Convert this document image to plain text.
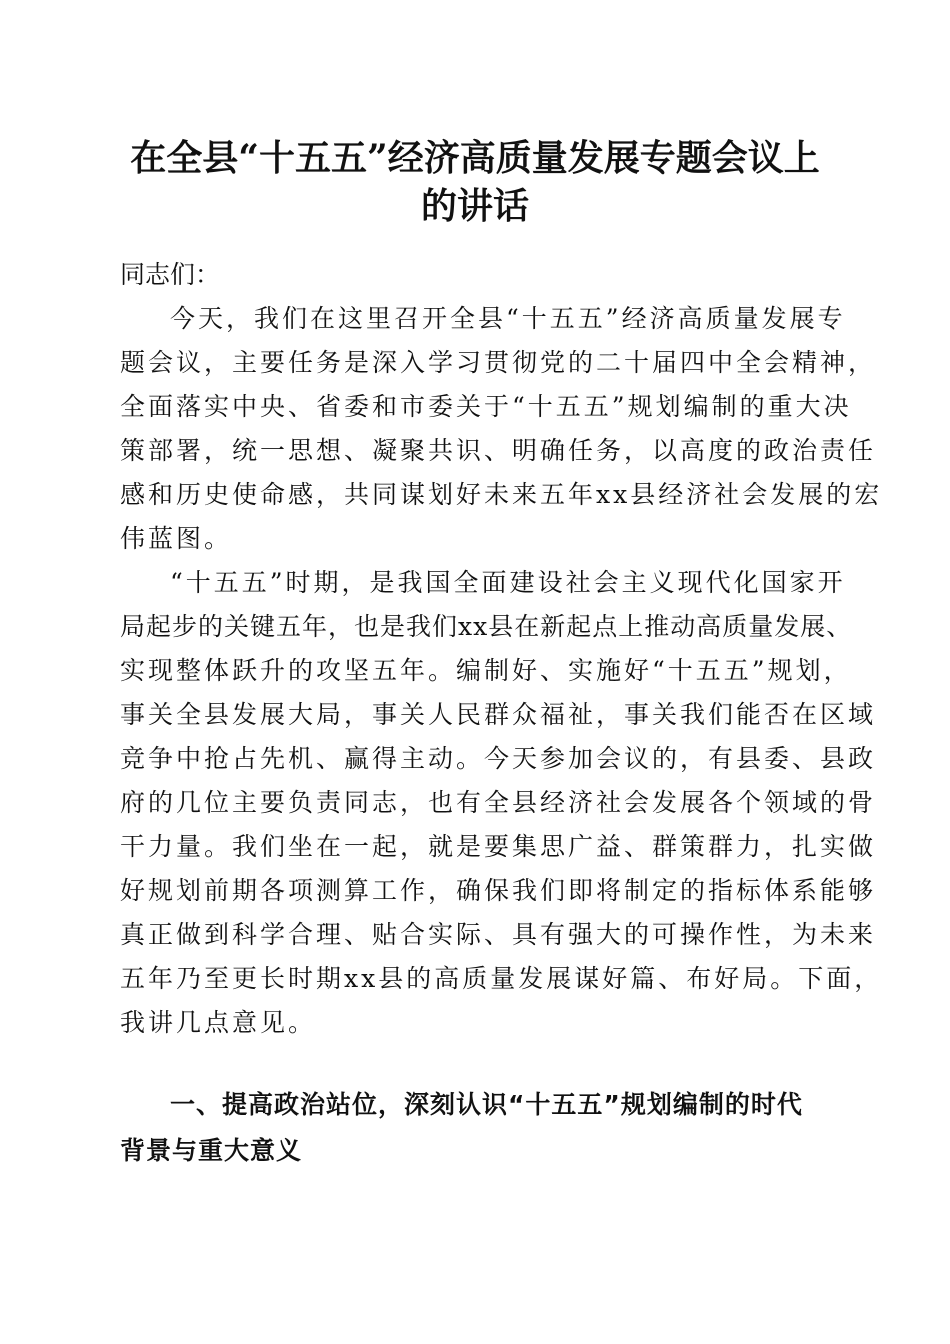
在全县“十五五”经济高质量发展专题会议上
的讲话

同志们：

今天，我们在这里召开全县“十五五”经济高质量发展专
题会议，主要任务是深入学习贯彻党的二十届四中全会精神，
全面落实中央、省委和市委关于“十五五”规划编制的重大决
策部署，统一思想、凝聚共识、明确任务，以高度的政治责任
感和历史使命感，共同谋划好未来五年xx县经济社会发展的宏
伟蓝图。

“十五五”时期，是我国全面建设社会主义现代化国家开
局起步的关键五年，也是我们xx县在新起点上推动高质量发展、
实现整体跃升的攻坚五年。编制好、实施好“十五五”规划，
事关全县发展大局，事关人民群众福祉，事关我们能否在区域
竞争中抢占先机、赢得主动。今天参加会议的，有县委、县政
府的几位主要负责同志，也有全县经济社会发展各个领域的骨
干力量。我们坐在一起，就是要集思广益、群策群力，扎实做
好规划前期各项测算工作，确保我们即将制定的指标体系能够
真正做到科学合理、贴合实际、具有强大的可操作性，为未来
五年乃至更长时期xx县的高质量发展谋好篇、布好局。下面，
我讲几点意见。

一、提高政治站位，深刻认识“十五五”规划编制的时代
背景与重大意义
